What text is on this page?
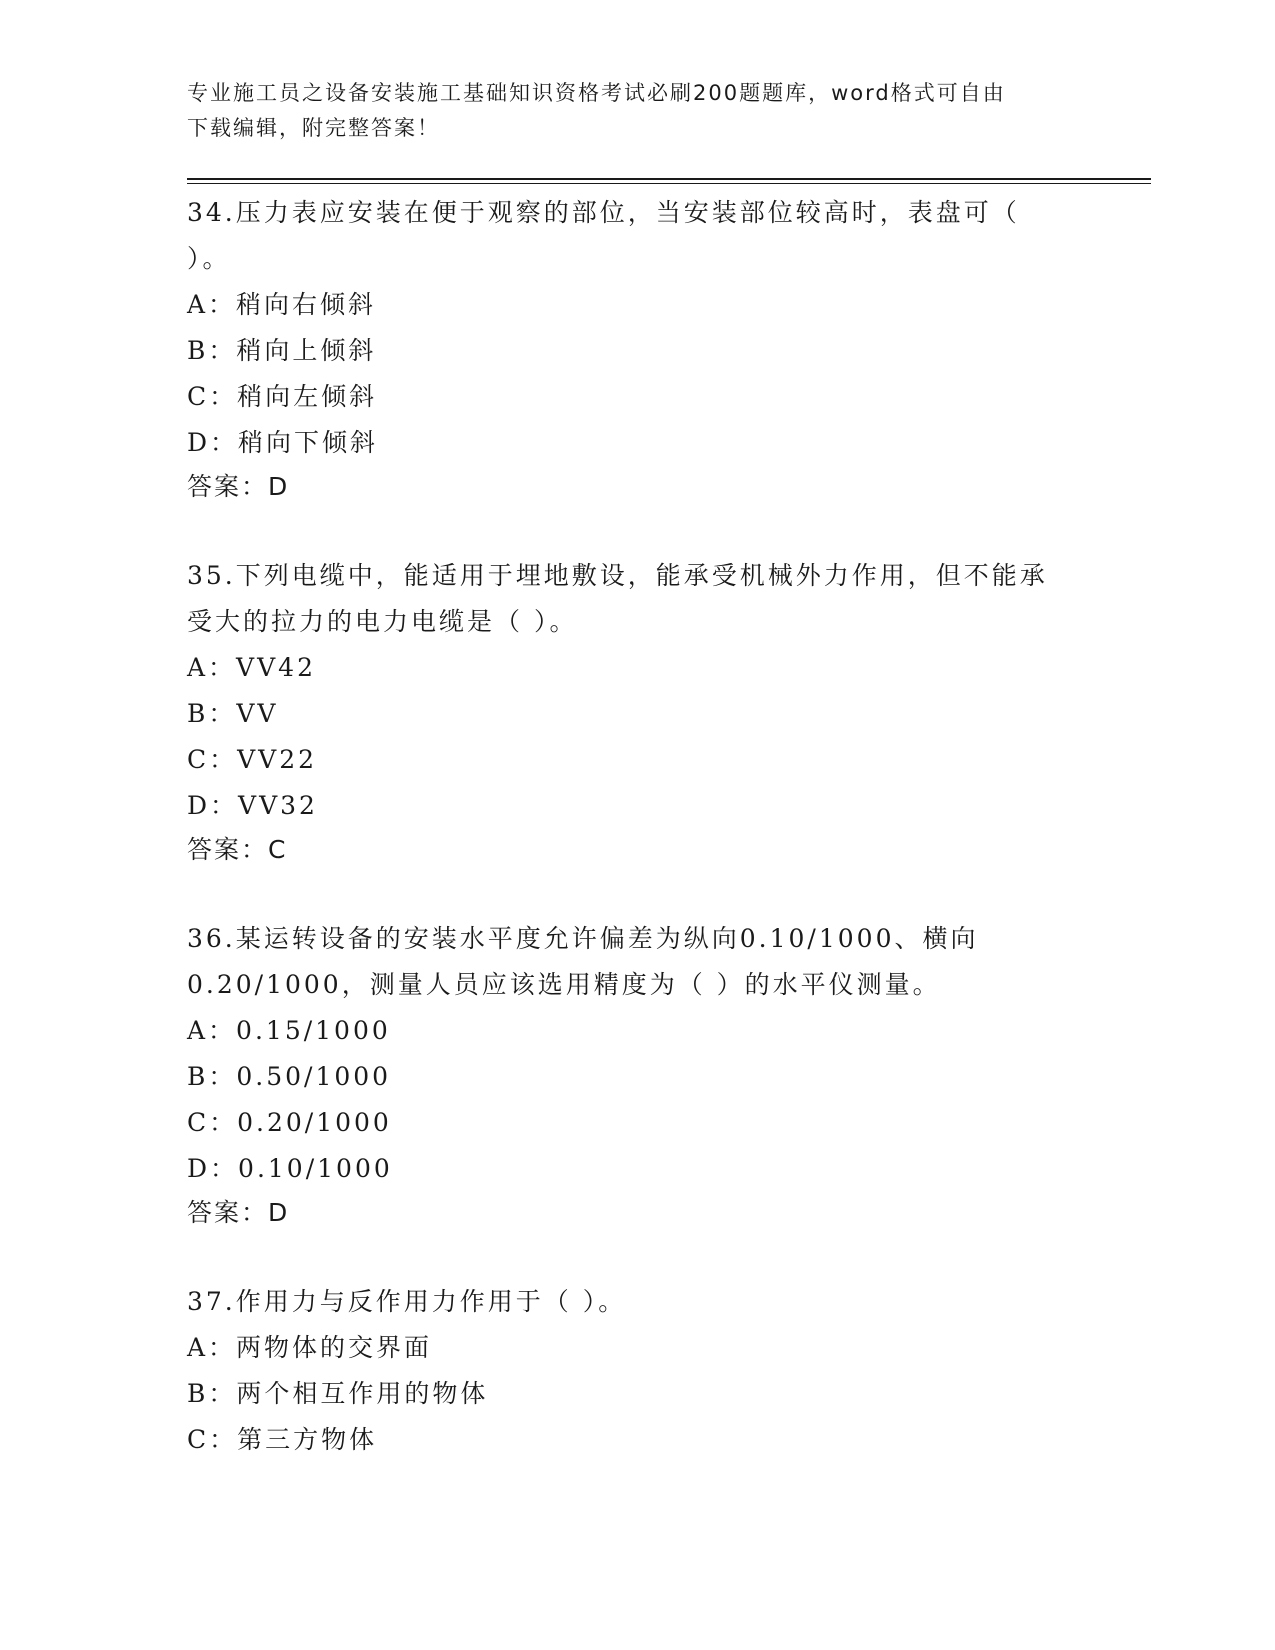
专业施工员之设备安装施工基础知识资格考试必刷200题题库，word格式可自由
下载编辑，附完整答案！
34.压力表应安装在便于观察的部位，当安装部位较高时，表盘可（
）。
A：稍向右倾斜
B：稍向上倾斜
C：稍向左倾斜
D：稍向下倾斜
答案：D
35.下列电缆中，能适用于埋地敷设，能承受机械外力作用，但不能承
受大的拉力的电力电缆是（ ）。
A：VV42
B：VV
C：VV22
D：VV32
答案：C
36.某运转设备的安装水平度允许偏差为纵向0.10/1000、横向
0.20/1000，测量人员应该选用精度为（ ）的水平仪测量。
A：0.15/1000
B：0.50/1000
C：0.20/1000
D：0.10/1000
答案：D
37.作用力与反作用力作用于（ ）。
A：两物体的交界面
B：两个相互作用的物体
C：第三方物体
